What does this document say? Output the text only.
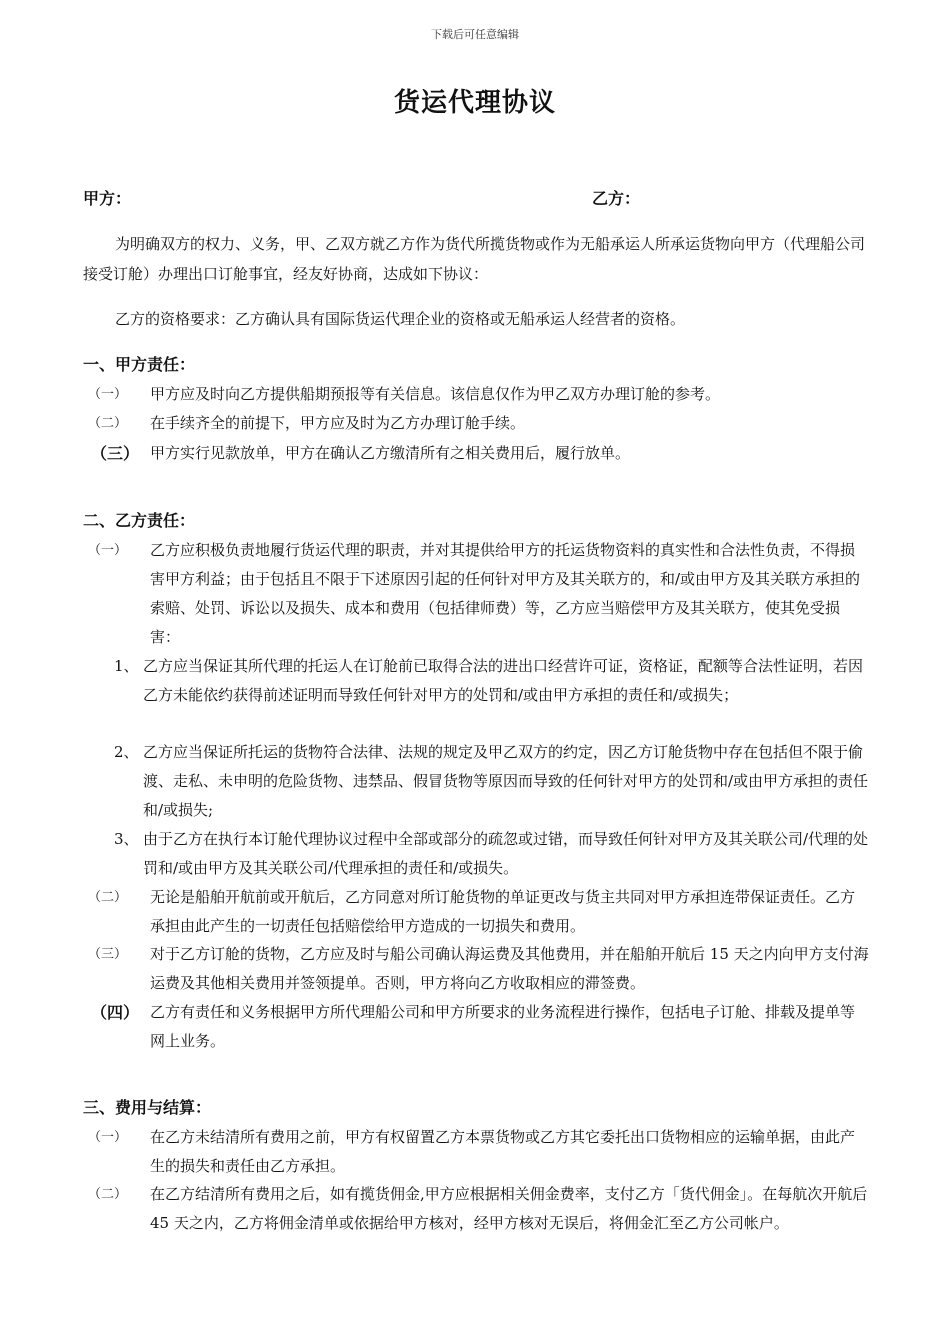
下载后可任意编辑
货运代理协议
甲方：	乙方：
为明确双方的权力、义务，甲、乙双方就乙方作为货代所揽货物或作为无船承运人所承运货物向甲方（代理船公司接受订舱）办理出口订舱事宜，经友好协商，达成如下协议：
乙方的资格要求：乙方确认具有国际货运代理企业的资格或无船承运人经营者的资格。
一、甲方责任：
（一） 甲方应及时向乙方提供船期预报等有关信息。该信息仅作为甲乙双方办理订舱的参考。
（二） 在手续齐全的前提下，甲方应及时为乙方办理订舱手续。
（三） 甲方实行见款放单，甲方在确认乙方缴清所有之相关费用后，履行放单。
二、乙方责任：
（一） 乙方应积极负责地履行货运代理的职责，并对其提供给甲方的托运货物资料的真实性和合法性负责，不得损害甲方利益；由于包括且不限于下述原因引起的任何针对甲方及其关联方的，和/或由甲方及其关联方承担的索赔、处罚、诉讼以及损失、成本和费用（包括律师费）等，乙方应当赔偿甲方及其关联方，使其免受损害：
1、 乙方应当保证其所代理的托运人在订舱前已取得合法的进出口经营许可证，资格证，配额等合法性证明，若因乙方未能依约获得前述证明而导致任何针对甲方的处罚和/或由甲方承担的责任和/或损失；
2、 乙方应当保证所托运的货物符合法律、法规的规定及甲乙双方的约定，因乙方订舱货物中存在包括但不限于偷渡、走私、未申明的危险货物、违禁品、假冒货物等原因而导致的任何针对甲方的处罚和/或由甲方承担的责任和/或损失;
3、 由于乙方在执行本订舱代理协议过程中全部或部分的疏忽或过错，而导致任何针对甲方及其关联公司/代理的处罚和/或由甲方及其关联公司/代理承担的责任和/或损失。
（二） 无论是船舶开航前或开航后，乙方同意对所订舱货物的单证更改与货主共同对甲方承担连带保证责任。乙方承担由此产生的一切责任包括赔偿给甲方造成的一切损失和费用。
（三） 对于乙方订舱的货物，乙方应及时与船公司确认海运费及其他费用，并在船舶开航后 15 天之内向甲方支付海运费及其他相关费用并签领提单。否则，甲方将向乙方收取相应的滞签费。
（四） 乙方有责任和义务根据甲方所代理船公司和甲方所要求的业务流程进行操作，包括电子订舱、排载及提单等网上业务。
三、费用与结算：
（一） 在乙方未结清所有费用之前，甲方有权留置乙方本票货物或乙方其它委托出口货物相应的运输单据，由此产生的损失和责任由乙方承担。
（二） 在乙方结清所有费用之后，如有揽货佣金,甲方应根据相关佣金费率，支付乙方「货代佣金」。在每航次开航后 45 天之内，乙方将佣金清单或依据给甲方核对，经甲方核对无误后，将佣金汇至乙方公司帐户。
